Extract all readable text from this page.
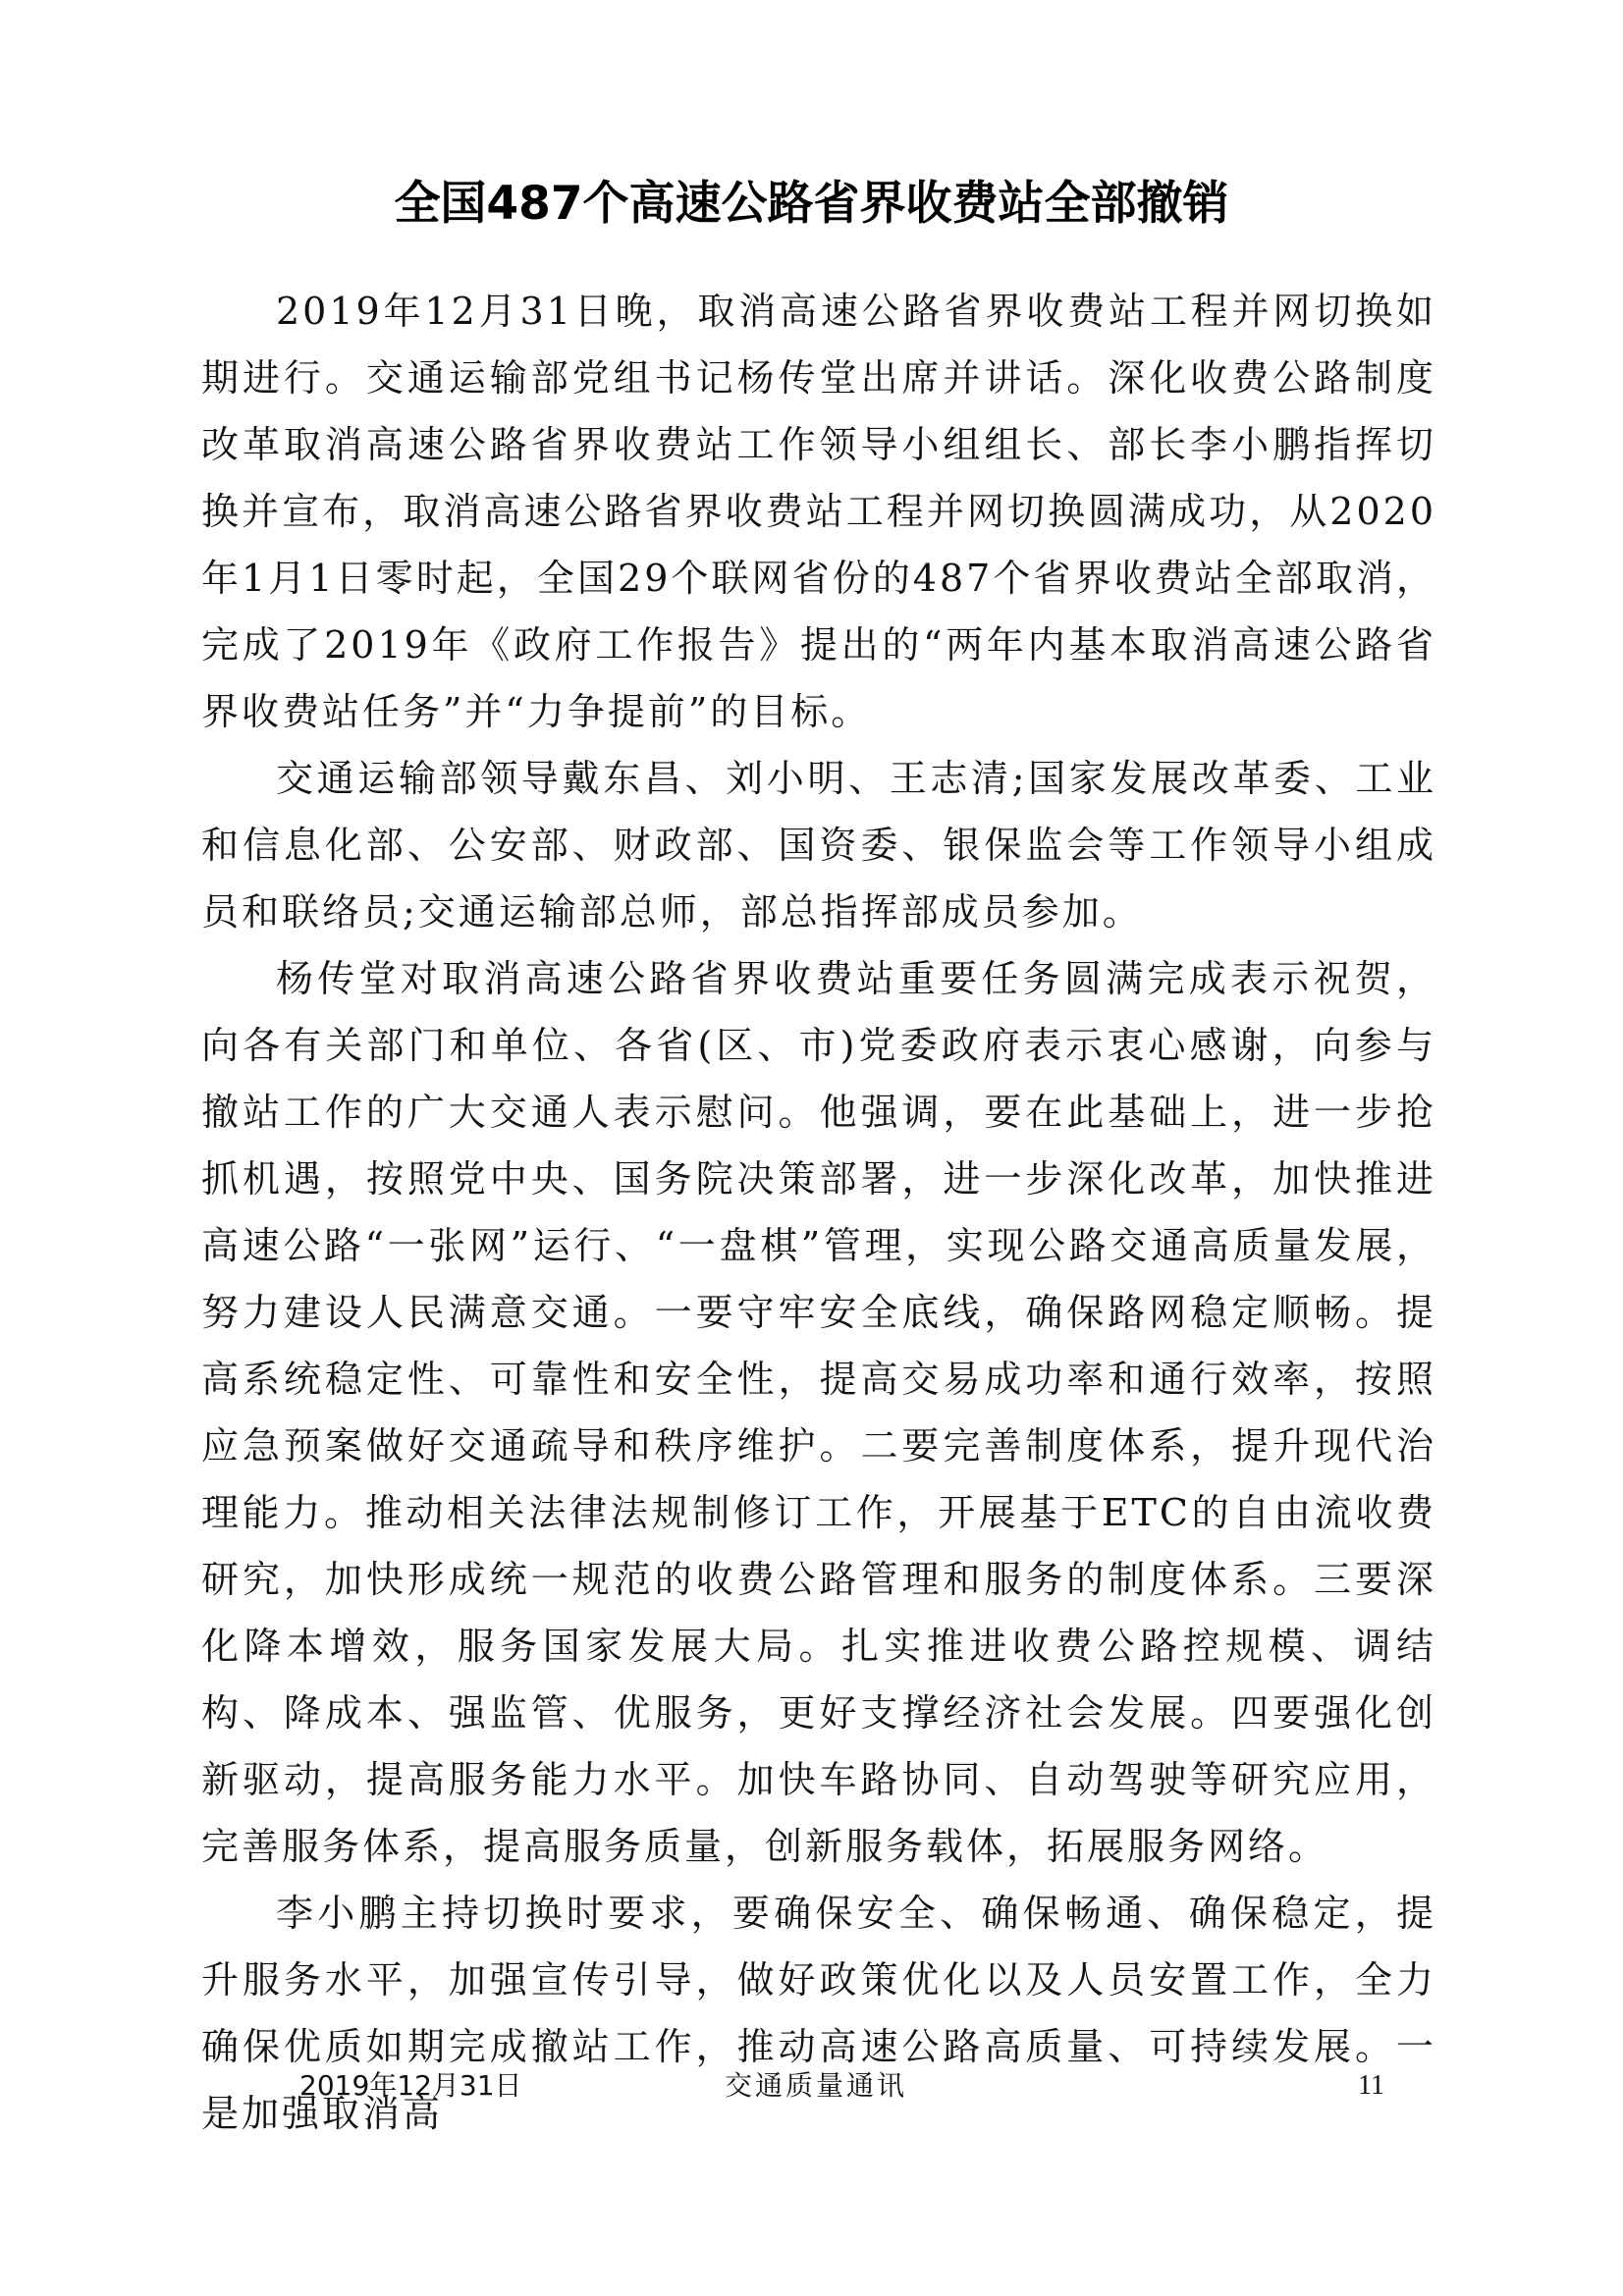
全国487个高速公路省界收费站全部撤销

2019年12月31日晚，取消高速公路省界收费站工程并网切换如期进行。交通运输部党组书记杨传堂出席并讲话。深化收费公路制度改革取消高速公路省界收费站工作领导小组组长、部长李小鹏指挥切换并宣布，取消高速公路省界收费站工程并网切换圆满成功，从2020年1月1日零时起，全国29个联网省份的487个省界收费站全部取消，完成了2019年《政府工作报告》提出的“两年内基本取消高速公路省界收费站任务”并“力争提前”的目标。

交通运输部领导戴东昌、刘小明、王志清;国家发展改革委、工业和信息化部、公安部、财政部、国资委、银保监会等工作领导小组成员和联络员;交通运输部总师，部总指挥部成员参加。

杨传堂对取消高速公路省界收费站重要任务圆满完成表示祝贺，向各有关部门和单位、各省(区、市)党委政府表示衷心感谢，向参与撤站工作的广大交通人表示慰问。他强调，要在此基础上，进一步抢抓机遇，按照党中央、国务院决策部署，进一步深化改革，加快推进高速公路“一张网”运行、“一盘棋”管理，实现公路交通高质量发展，努力建设人民满意交通。一要守牢安全底线，确保路网稳定顺畅。提高系统稳定性、可靠性和安全性，提高交易成功率和通行效率，按照应急预案做好交通疏导和秩序维护。二要完善制度体系，提升现代治理能力。推动相关法律法规制修订工作，开展基于ETC的自由流收费研究，加快形成统一规范的收费公路管理和服务的制度体系。三要深化降本增效，服务国家发展大局。扎实推进收费公路控规模、调结构、降成本、强监管、优服务，更好支撑经济社会发展。四要强化创新驱动，提高服务能力水平。加快车路协同、自动驾驶等研究应用，完善服务体系，提高服务质量，创新服务载体，拓展服务网络。

李小鹏主持切换时要求，要确保安全、确保畅通、确保稳定，提升服务水平，加强宣传引导，做好政策优化以及人员安置工作，全力确保优质如期完成撤站工作，推动高速公路高质量、可持续发展。一是加强取消高

2019年12月31日	交通质量通讯	11
